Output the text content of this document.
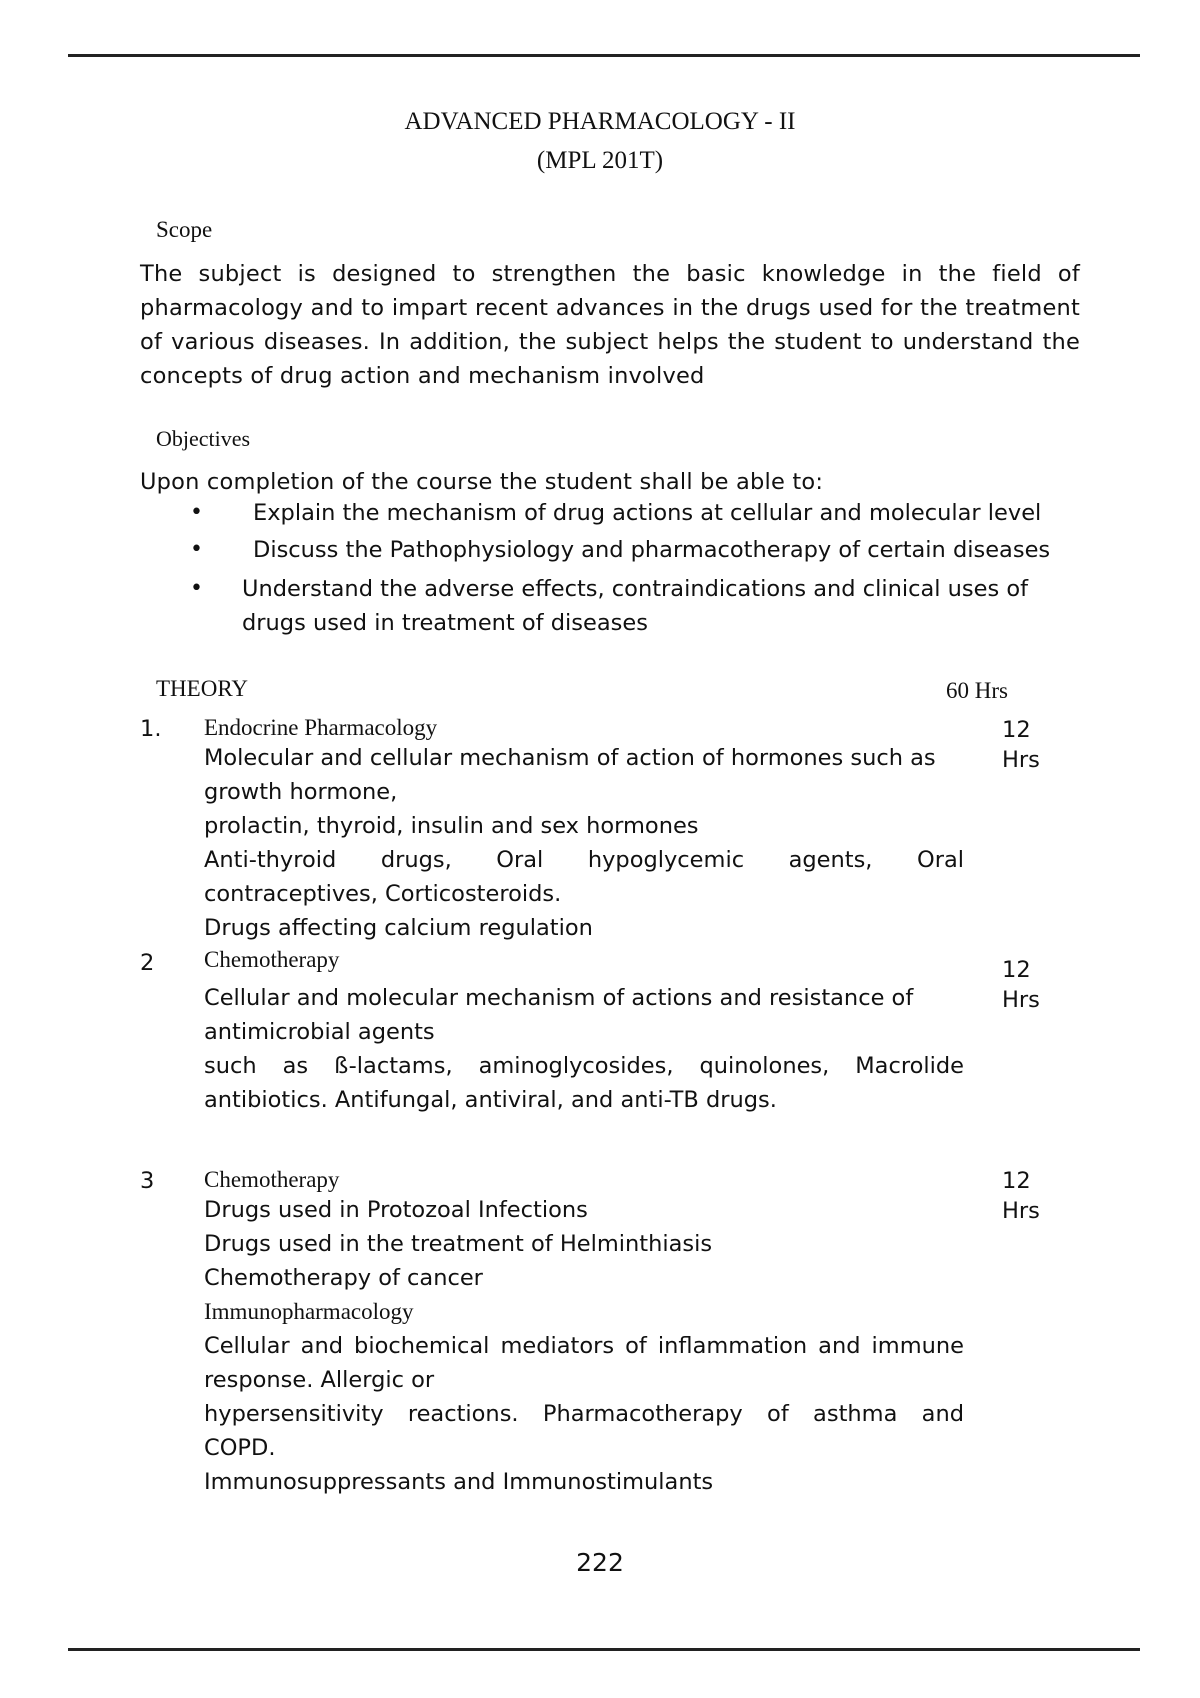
ADVANCED PHARMACOLOGY - II
(MPL 201T)
Scope
The subject is designed to strengthen the basic knowledge in the field of
pharmacology and to impart recent advances in the drugs used for the treatment
of various diseases. In addition, the subject helps the student to understand the
concepts of drug action and mechanism involved
Objectives
Upon completion of the course the student shall be able to:
• Explain the mechanism of drug actions at cellular and molecular level
• Discuss the Pathophysiology and pharmacotherapy of certain diseases
• Understand the adverse effects, contraindications and clinical uses of
drugs used in treatment of diseases
THEORY	60 Hrs
1. Endocrine Pharmacology	12
Hrs
Molecular and cellular mechanism of action of hormones such as
growth hormone,
prolactin, thyroid, insulin and sex hormones
Anti-thyroid drugs, Oral hypoglycemic agents, Oral
contraceptives, Corticosteroids.
Drugs affecting calcium regulation
2 Chemotherapy	12
Hrs
Cellular and molecular mechanism of actions and resistance of
antimicrobial agents
such as ß-lactams, aminoglycosides, quinolones, Macrolide
antibiotics. Antifungal, antiviral, and anti-TB drugs.
3 Chemotherapy	12
Hrs
Drugs used in Protozoal Infections
Drugs used in the treatment of Helminthiasis
Chemotherapy of cancer
Immunopharmacology
Cellular and biochemical mediators of inflammation and immune
response. Allergic or
hypersensitivity reactions. Pharmacotherapy of asthma and
COPD.
Immunosuppressants and Immunostimulants
222
